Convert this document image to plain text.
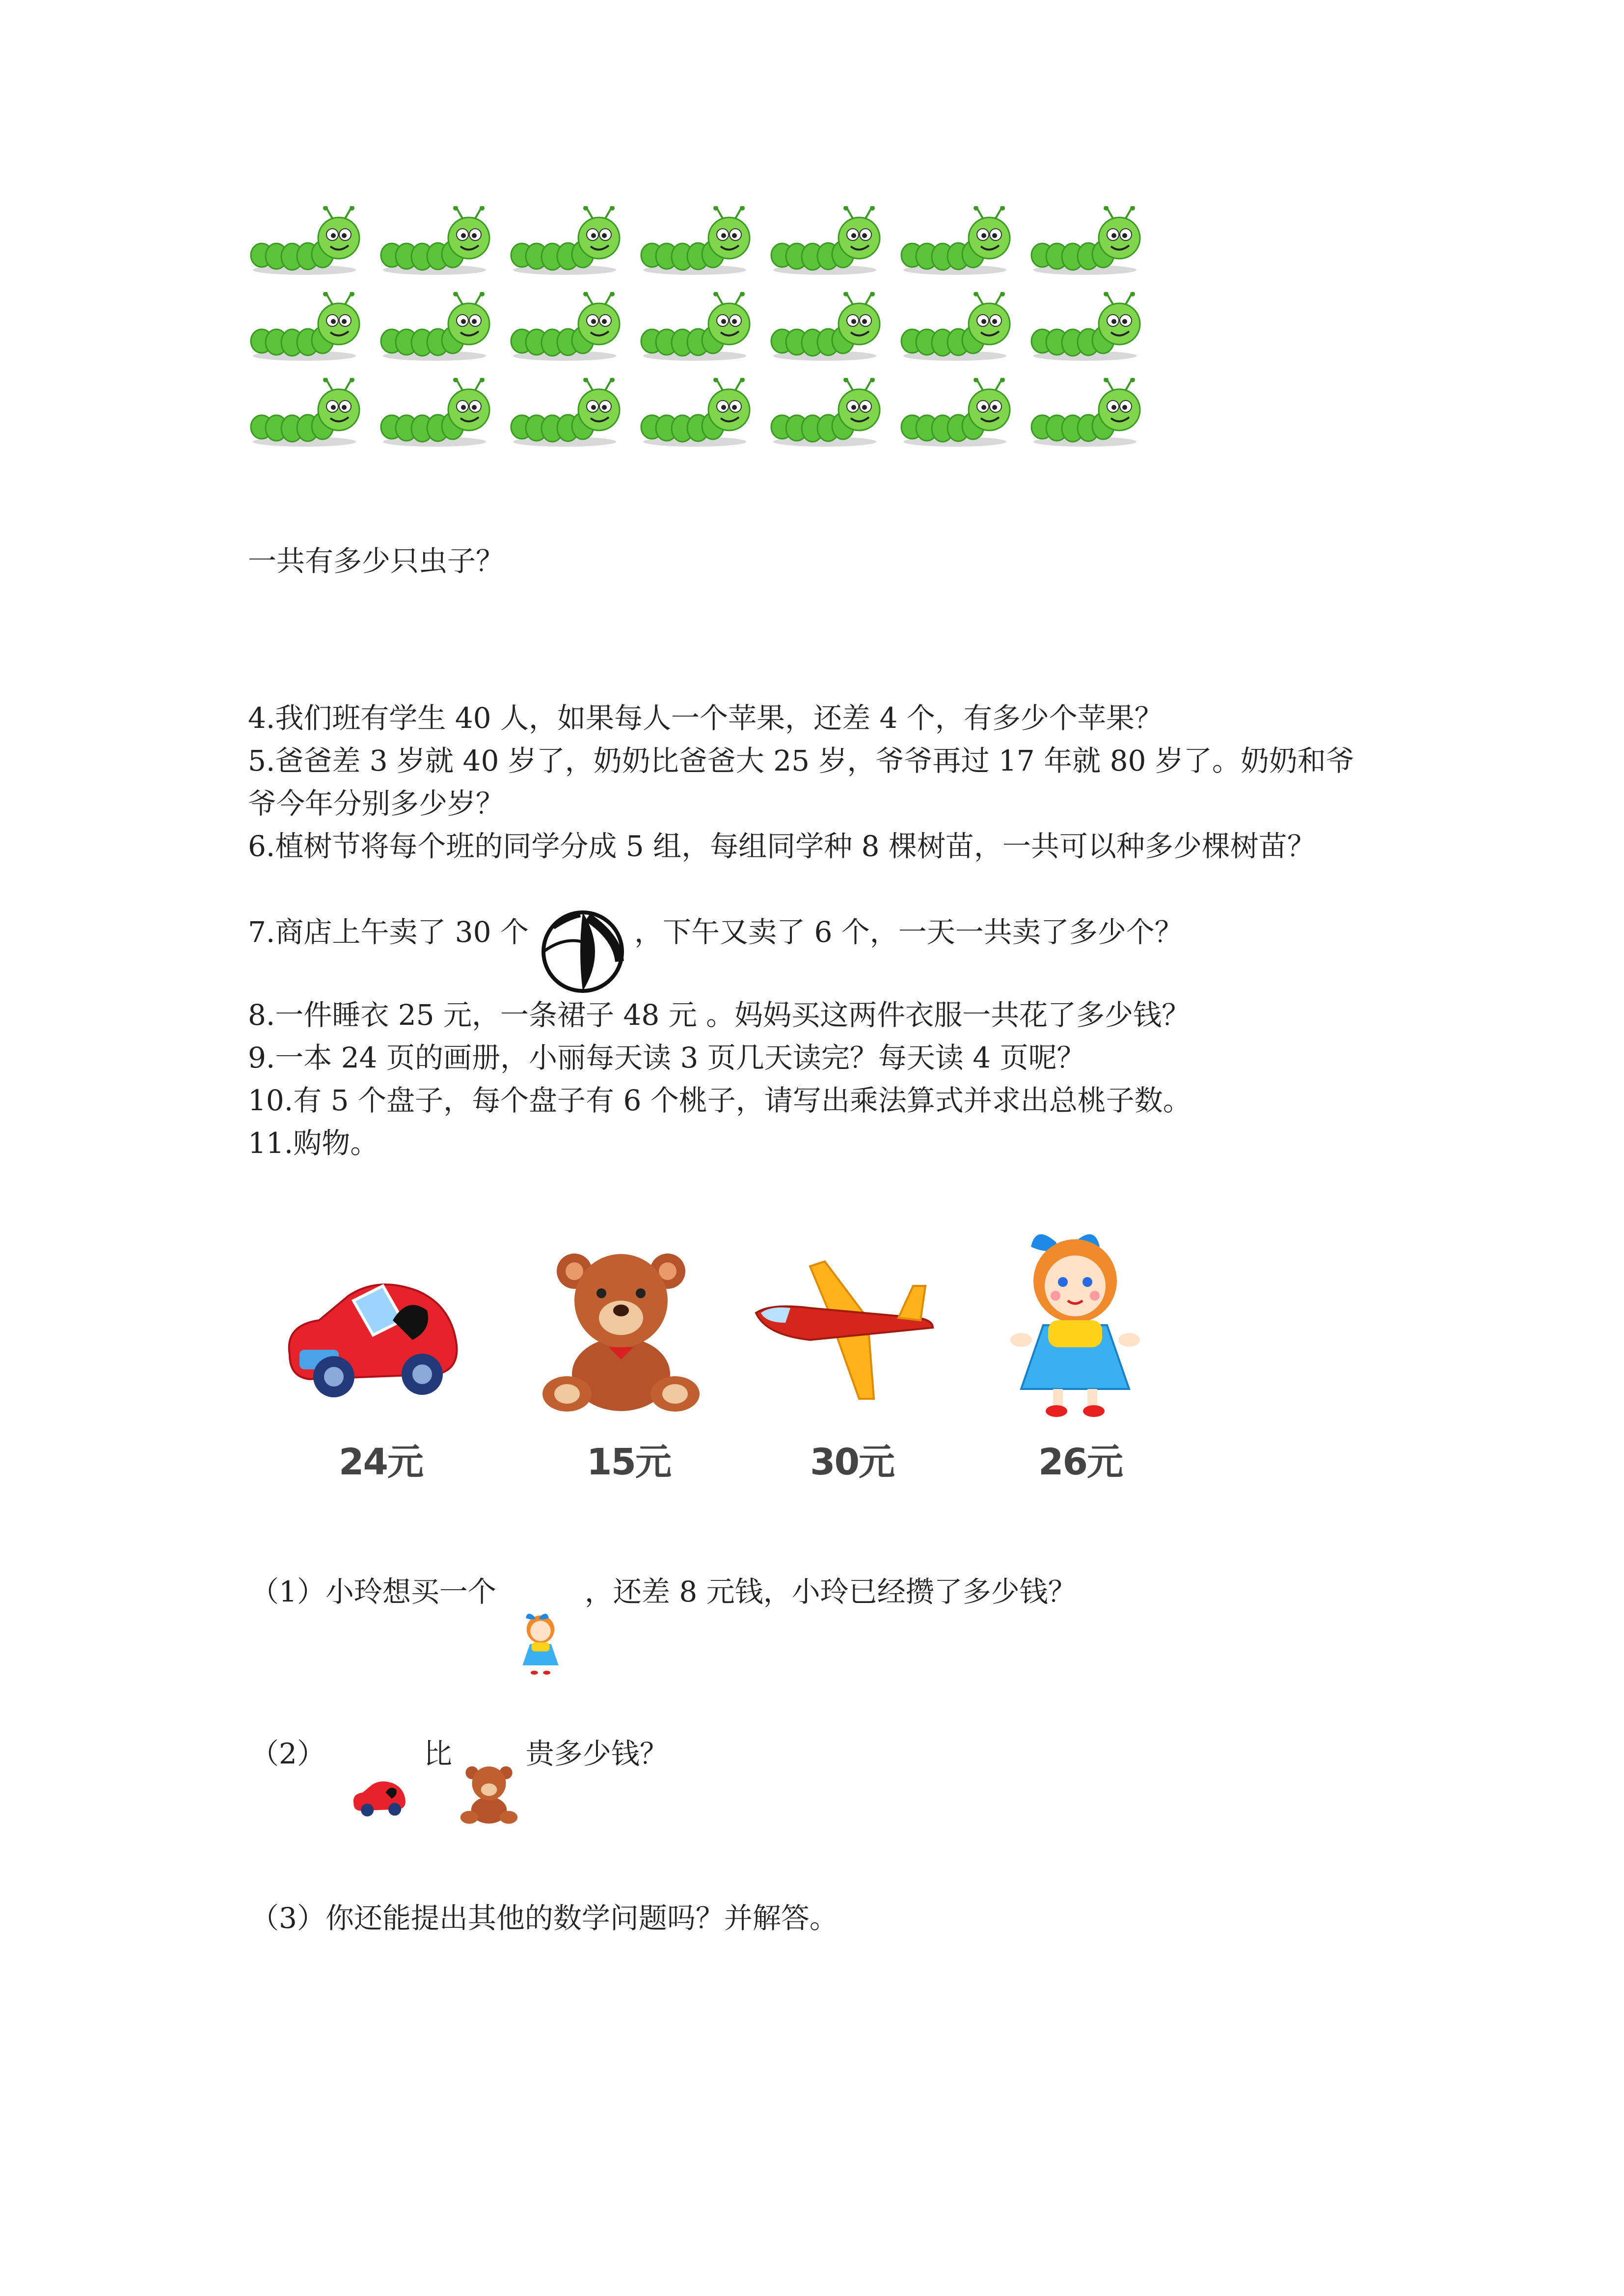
一共有多少只虫子？
4.我们班有学生 40 人，如果每人一个苹果，还差 4 个，有多少个苹果？
5.爸爸差 3 岁就 40 岁了，奶奶比爸爸大 25 岁，爷爷再过 17 年就 80 岁了。奶奶和爷爷今年分别多少岁？
6.植树节将每个班的同学分成 5 组，每组同学种 8 棵树苗，一共可以种多少棵树苗？
7.商店上午卖了 30 个	，下午又卖了 6 个，一天一共卖了多少个？
8.一件睡衣 25 元，一条裙子 48 元 。妈妈买这两件衣服一共花了多少钱？
9.一本 24 页的画册，小丽每天读 3 页几天读完？每天读 4 页呢？
10.有 5 个盘子，每个盘子有 6 个桃子，请写出乘法算式并求出总桃子数。
11.购物。
24元	15元	30元	26元
（1）小玲想买一个	，还差 8 元钱，小玲已经攒了多少钱？
（2）	比	贵多少钱？
（3）你还能提出其他的数学问题吗？并解答。
